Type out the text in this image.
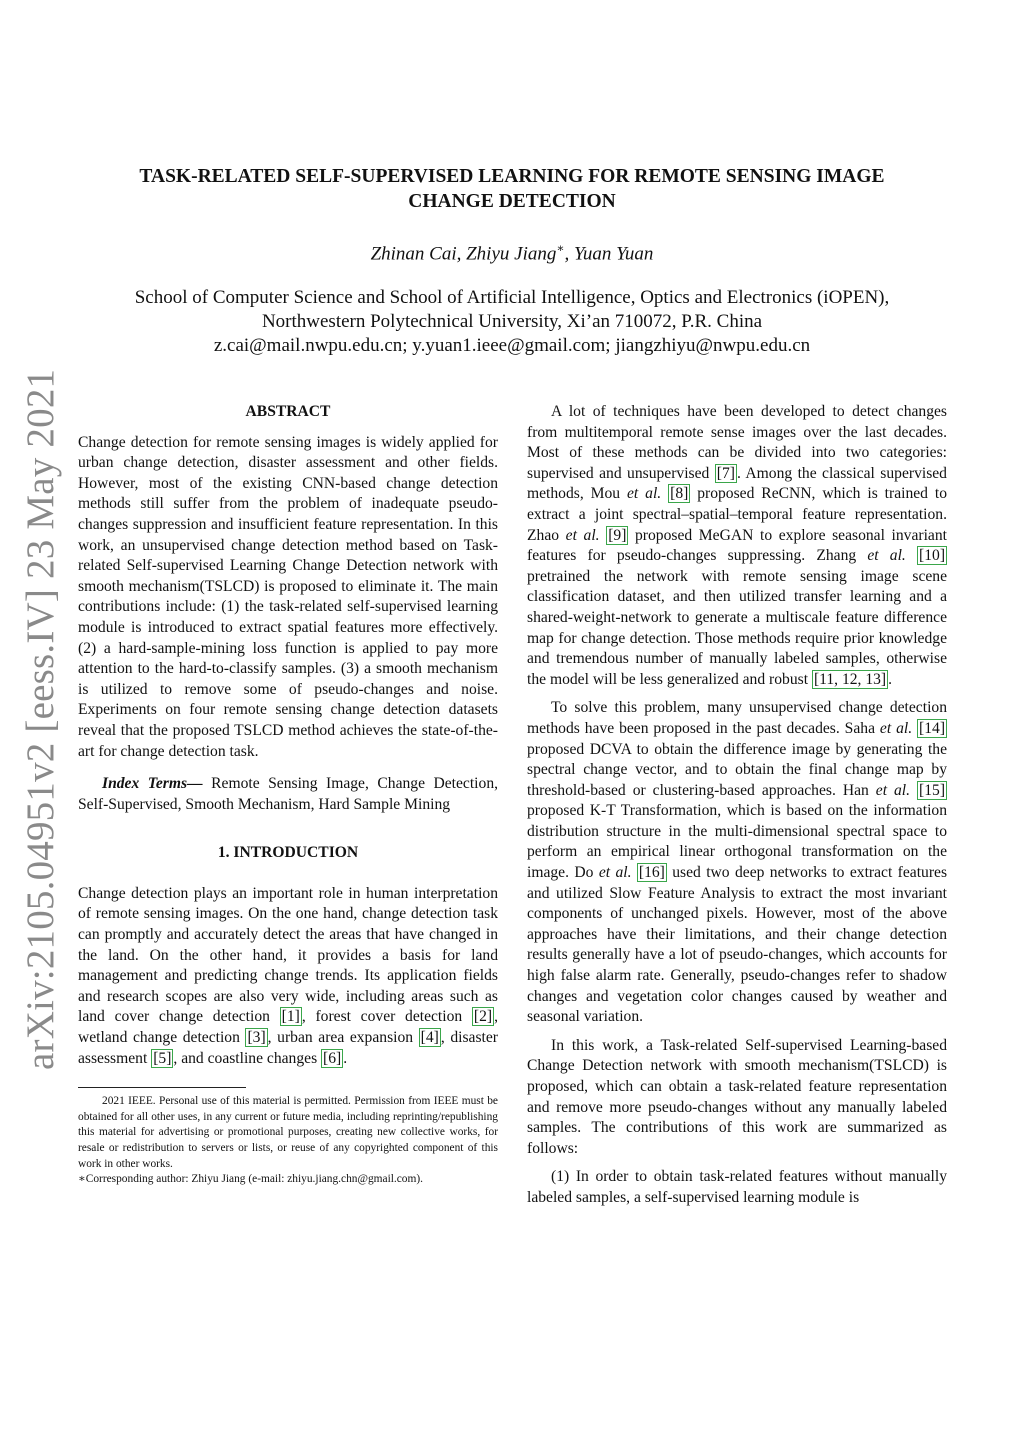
arXiv:2105.04951v2 [eess.IV] 23 May 2021
TASK-RELATED SELF-SUPERVISED LEARNING FOR REMOTE SENSING IMAGE
CHANGE DETECTION
Zhinan Cai, Zhiyu Jiang∗, Yuan Yuan
School of Computer Science and School of Artificial Intelligence, Optics and Electronics (iOPEN),
Northwestern Polytechnical University, Xi’an 710072, P.R. China
z.cai@mail.nwpu.edu.cn; y.yuan1.ieee@gmail.com; jiangzhiyu@nwpu.edu.cn
ABSTRACT

Change detection for remote sensing images is widely applied for urban change detection, disaster assessment and other fields. However, most of the existing CNN-based change detection methods still suffer from the problem of inadequate pseudo-changes suppression and insufficient feature representation. In this work, an unsupervised change detection method based on Task-related Self-supervised Learning Change Detection network with smooth mechanism(TSLCD) is proposed to eliminate it. The main contributions include: (1) the task-related self-supervised learning module is introduced to extract spatial features more effectively. (2) a hard-sample-mining loss function is applied to pay more attention to the hard-to-classify samples. (3) a smooth mechanism is utilized to remove some of pseudo-changes and noise. Experiments on four remote sensing change detection datasets reveal that the proposed TSLCD method achieves the state-of-the-art for change detection task.

Index Terms— Remote Sensing Image, Change Detection, Self-Supervised, Smooth Mechanism, Hard Sample Mining

1. INTRODUCTION

Change detection plays an important role in human interpretation of remote sensing images. On the one hand, change detection task can promptly and accurately detect the areas that have changed in the land. On the other hand, it provides a basis for land management and predicting change trends. Its application fields and research scopes are also very wide, including areas such as land cover change detection [1] , forest cover detection [2] , wetland change detection [3] , urban area expansion [4] , disaster assessment [5] , and coastline changes [6] .

2021 IEEE. Personal use of this material is permitted. Permission from IEEE must be obtained for all other uses, in any current or future media, including reprinting/republishing this material for advertising or promotional purposes, creating new collective works, for resale or redistribution to servers or lists, or reuse of any copyrighted component of this work in other works.
∗Corresponding author: Zhiyu Jiang (e-mail: zhiyu.jiang.chn@gmail.com).

A lot of techniques have been developed to detect changes from multitemporal remote sense images over the last decades. Most of these methods can be divided into two categories: supervised and unsupervised [7] . Among the classical supervised methods, Mou et al. [8] proposed ReCNN, which is trained to extract a joint spectral–spatial–temporal feature representation. Zhao et al. [9] proposed MeGAN to explore seasonal invariant features for pseudo-changes suppressing. Zhang et al. [10] pretrained the network with remote sensing image scene classification dataset, and then utilized transfer learning and a shared-weight-network to generate a multiscale feature difference map for change detection. Those methods require prior knowledge and tremendous number of manually labeled samples, otherwise the model will be less generalized and robust [11, 12, 13] .

To solve this problem, many unsupervised change detection methods have been proposed in the past decades. Saha et al. [14] proposed DCVA to obtain the difference image by generating the spectral change vector, and to obtain the final change map by threshold-based or clustering-based approaches. Han et al. [15] proposed K-T Transformation, which is based on the information distribution structure in the multi-dimensional spectral space to perform an empirical linear orthogonal transformation on the image. Do et al. [16] used two deep networks to extract features and utilized Slow Feature Analysis to extract the most invariant components of unchanged pixels. However, most of the above approaches have their limitations, and their change detection results generally have a lot of pseudo-changes, which accounts for high false alarm rate. Generally, pseudo-changes refer to shadow changes and vegetation color changes caused by weather and seasonal variation.

In this work, a Task-related Self-supervised Learning-based Change Detection network with smooth mechanism(TSLCD) is proposed, which can obtain a task-related feature representation and remove more pseudo-changes without any manually labeled samples. The contributions of this work are summarized as follows:

(1) In order to obtain task-related features without manually labeled samples, a self-supervised learning module is
